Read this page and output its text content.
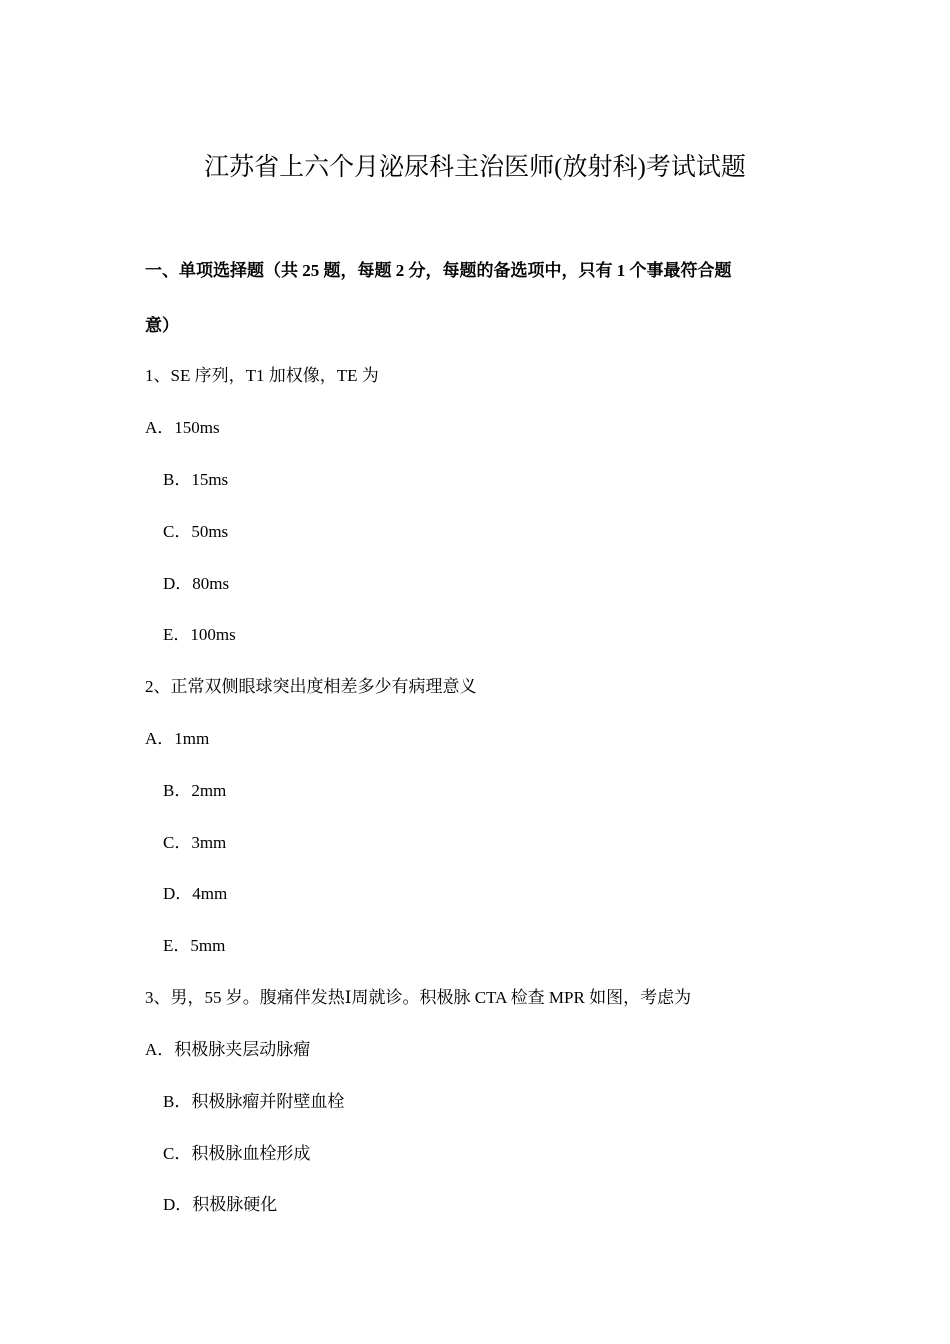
江苏省上六个月泌尿科主治医师(放射科)考试试题
一、单项选择题（共 25 题，每题 2 分，每题的备选项中，只有 1 个事最符合题
意）
1、SE 序列，T1 加权像，TE 为
A．150ms
B．15ms
C．50ms
D．80ms
E．100ms
2、正常双侧眼球突出度相差多少有病理意义
A．1mm
B．2mm
C．3mm
D．4mm
E．5mm
3、男，55 岁。腹痛伴发热Ⅰ周就诊。积极脉 CTA 检查 MPR 如图，考虑为
A．积极脉夹层动脉瘤
B．积极脉瘤并附壁血栓
C．积极脉血栓形成
D．积极脉硬化
